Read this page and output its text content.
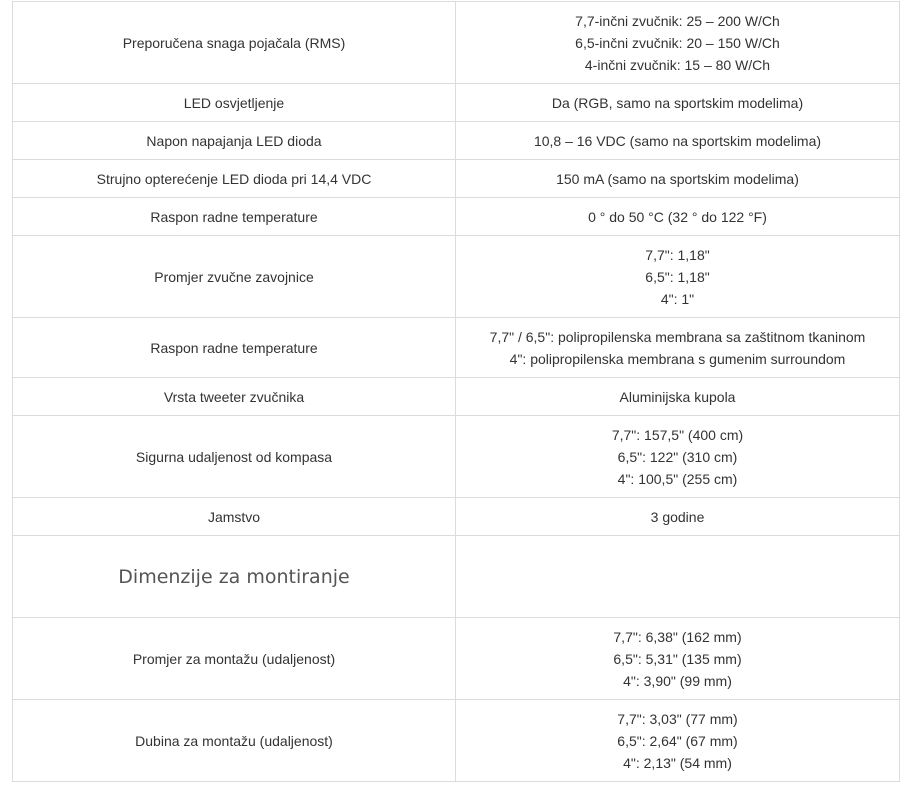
Preporučena snaga pojačala (RMS)	7,7-inčni zvučnik: 25 – 200 W/Ch
6,5-inčni zvučnik: 20 – 150 W/Ch
4-inčni zvučnik: 15 – 80 W/Ch

LED osvjetljenje	Da (RGB, samo na sportskim modelima)

Napon napajanja LED dioda	10,8 – 16 VDC (samo na sportskim modelima)

Strujno opterećenje LED dioda pri 14,4 VDC	150 mA (samo na sportskim modelima)

Raspon radne temperature	0 ° do 50 °C (32 ° do 122 °F)

Promjer zvučne zavojnice	7,7": 1,18"
6,5": 1,18"
4": 1"

Raspon radne temperature	7,7" / 6,5": polipropilenska membrana sa zaštitnom tkaninom
4": polipropilenska membrana s gumenim surroundom

Vrsta tweeter zvučnika	Aluminijska kupola

Sigurna udaljenost od kompasa	7,7": 157,5" (400 cm)
6,5": 122" (310 cm)
4": 100,5" (255 cm)

Jamstvo	3 godine

Dimenzije za montiranje	
Promjer za montažu (udaljenost)	7,7": 6,38" (162 mm)
6,5": 5,31" (135 mm)
4": 3,90" (99 mm)

Dubina za montažu (udaljenost)	7,7": 3,03" (77 mm)
6,5": 2,64" (67 mm)
4": 2,13" (54 mm)
